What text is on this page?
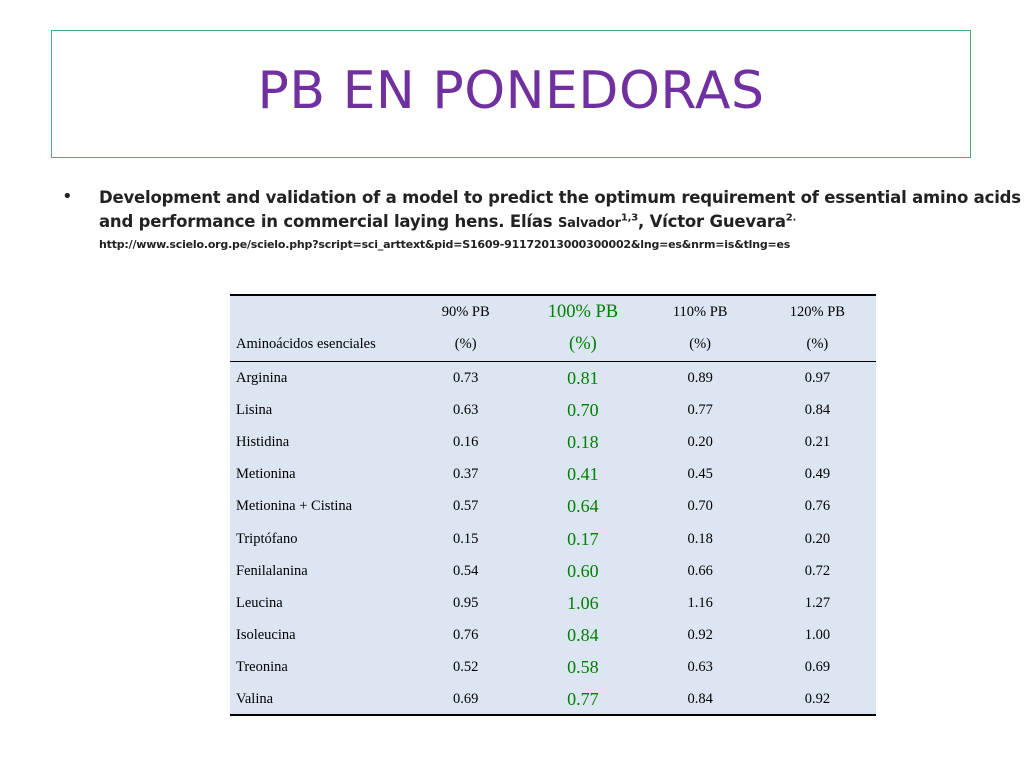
PB EN PONEDORAS
• Development and validation of a model to predict the optimum requirement of essential amino acids
and performance in commercial laying hens. Elías Salvador$^{1,3}$, Víctor Guevara$^{2.}$
http://www.scielo.org.pe/scielo.php?script=sci_arttext&pid=S1609-91172013000300002&lng=es&nrm=is&tlng=es
	90% PB	100% PB	110% PB	120% PB
Aminoácidos esenciales	(%)	(%)	(%)	(%)
Arginina	0.73	0.81	0.89	0.97
Lisina	0.63	0.70	0.77	0.84
Histidina	0.16	0.18	0.20	0.21
Metionina	0.37	0.41	0.45	0.49
Metionina + Cistina	0.57	0.64	0.70	0.76
Triptófano	0.15	0.17	0.18	0.20
Fenilalanina	0.54	0.60	0.66	0.72
Leucina	0.95	1.06	1.16	1.27
Isoleucina	0.76	0.84	0.92	1.00
Treonina	0.52	0.58	0.63	0.69
Valina	0.69	0.77	0.84	0.92
